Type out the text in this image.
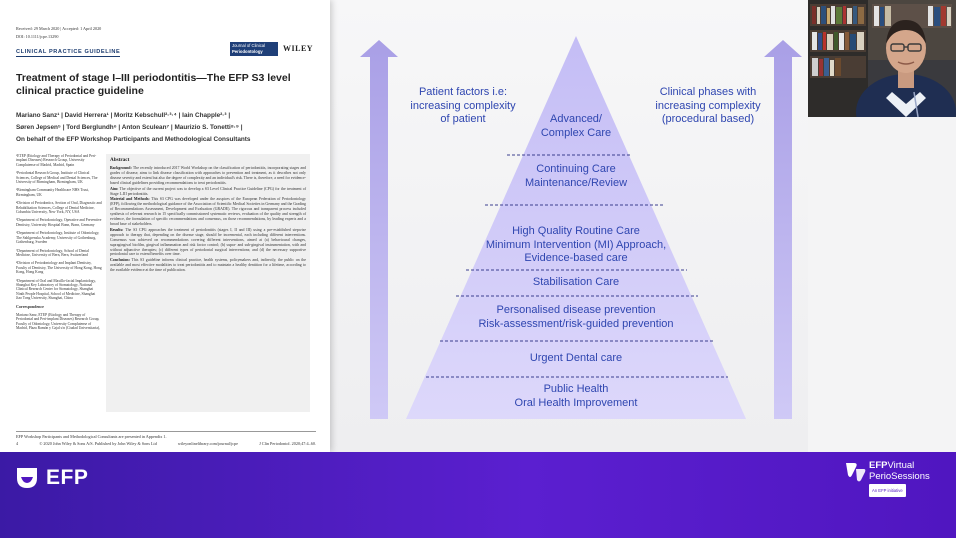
Received: 29 March 2020 | Accepted: 1 April 2020
DOI: 10.1111/jcpe.13290
CLINICAL PRACTICE GUIDELINE
Journal of Clinical
Periodontology	WILEY
Treatment of stage I–III periodontitis—The EFP S3 level clinical practice guideline
Mariano Sanz¹ | David Herrera¹ | Moritz Kebschull²·³·⁴ | Iain Chapple²·³ |
Søren Jepsen⁵ | Tord Berglundh⁶ | Anton Sculean⁷ | Maurizio S. Tonetti⁸·⁹ |
On behalf of the EFP Workshop Participants and Methodological Consultants

¹ETEP (Etiology and Therapy of Periodontal and Peri-implant Diseases) Research Group, University Complutense of Madrid, Madrid, Spain

²Periodontal Research Group, Institute of Clinical Sciences, College of Medical and Dental Sciences, The University of Birmingham, Birmingham, UK

³Birmingham Community Healthcare NHS Trust, Birmingham, UK

⁴Division of Periodontics, Section of Oral, Diagnostic and Rehabilitation Sciences, College of Dental Medicine, Columbia University, New York, NY, USA

⁵Department of Periodontology, Operative and Preventive Dentistry, University Hospital Bonn, Bonn, Germany

⁶Department of Periodontology, Institute of Odontology, The Sahlgrenska Academy, University of Gothenburg, Gothenburg, Sweden

⁷Department of Periodontology, School of Dental Medicine, University of Bern, Bern, Switzerland

⁸Division of Periodontology and Implant Dentistry, Faculty of Dentistry, The University of Hong Kong, Hong Kong, Hong Kong

⁹Department of Oral and Maxillo-facial Implantology, Shanghai Key Laboratory of Stomatology, National Clinical Research Center for Stomatology, Shanghai Ninth People Hospital, School of Medicine, Shanghai Jiao Tong University, Shanghai, China

Correspondence

Mariano Sanz, ETEP (Etiology and Therapy of Periodontal and Peri-implant Diseases) Research Group, Faculty of Odontology, University Complutense of Madrid, Plaza Ramón y Cajal s/n (Ciudad Universitaria),

Abstract

Background: The recently introduced 2017 World Workshop on the classification of periodontitis, incorporating stages and grades of disease, aims to link disease classification with approaches to prevention and treatment, as it describes not only disease severity and extent but also the degree of complexity and an individual's risk. There is, therefore, a need for evidence-based clinical guidelines providing recommendations to treat periodontitis.

Aim: The objective of the current project was to develop a S3 Level Clinical Practice Guideline (CPG) for the treatment of Stage I–III periodontitis.

Material and Methods: This S3 CPG was developed under the auspices of the European Federation of Periodontology (EFP), following the methodological guidance of the Association of Scientific Medical Societies in Germany and the Grading of Recommendations Assessment, Development and Evaluation (GRADE). The rigorous and transparent process included synthesis of relevant research in 15 specifically commissioned systematic reviews, evaluation of the quality and strength of evidence, the formulation of specific recommendations and consensus, on those recommendations, by leading experts and a broad base of stakeholders.

Results: The S3 CPG approaches the treatment of periodontitis (stages I, II and III) using a pre-established stepwise approach to therapy that, depending on the disease stage, should be incremental, each including different interventions. Consensus was achieved on recommendations covering different interventions, aimed at (a) behavioural changes, supragingival biofilm, gingival inflammation and risk factor control; (b) supra- and sub-gingival instrumentation, with and without adjunctive therapies; (c) different types of periodontal surgical interventions; and (d) the necessary supportive periodontal care to extend benefits over time.

Conclusion: This S3 guideline informs clinical practice, health systems, policymakers and, indirectly, the public on the available and most effective modalities to treat periodontitis and to maintain a healthy dentition for a lifetime, according to the available evidence at the time of publication.

EFP Workshop Participants and Methodological Consultants are presented in Appendix 1.
4	© 2020 John Wiley & Sons A/S. Published by John Wiley & Sons Ltd	wileyonlinelibrary.com/journal/jcpe	J Clin Periodontol. 2020;47:4–60.
Patient factors i.e: increasing complexity of patient
Clinical phases with increasing complexity (procedural based)
Advanced/
Complex Care
Continuing Care
Maintenance/Review
High Quality Routine Care
Minimum Intervention (MI) Approach,
Evidence-based care
Stabilisation Care
Personalised disease prevention
Risk-assessment/risk-guided prevention
Urgent Dental care
Public Health
Oral Health Improvement
EFP
EFPVirtual
PerioSessions
An EFP initiative
